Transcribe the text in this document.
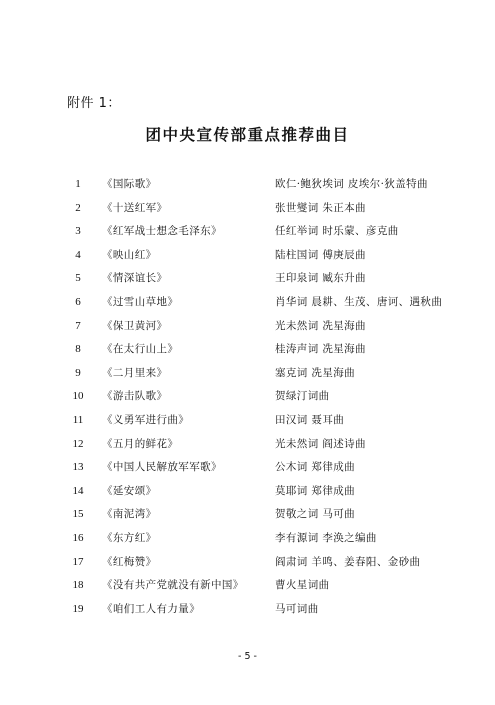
附件 1：
团中央宣传部重点推荐曲目
1	《国际歌》	欧仁·鲍狄埃词 皮埃尔·狄盖特曲
2	《十送红军》	张世燮词 朱正本曲
3	《红军战士想念毛泽东》	任红举词 时乐蒙、彦克曲
4	《映山红》	陆柱国词 傅庚辰曲
5	《情深谊长》	王印泉词 臧东升曲
6	《过雪山草地》	肖华词 晨耕、生茂、唐诃、遇秋曲
7	《保卫黄河》	光未然词 冼星海曲
8	《在太行山上》	桂涛声词 冼星海曲
9	《二月里来》	塞克词 冼星海曲
10	《游击队歌》	贺绿汀词曲
11	《义勇军进行曲》	田汉词 聂耳曲
12	《五月的鲜花》	光未然词 阎述诗曲
13	《中国人民解放军军歌》	公木词 郑律成曲
14	《延安颂》	莫耶词 郑律成曲
15	《南泥湾》	贺敬之词 马可曲
16	《东方红》	李有源词 李涣之编曲
17	《红梅赞》	阎肃词 羊鸣、姜春阳、金砂曲
18	《没有共产党就没有新中国》	曹火星词曲
19	《咱们工人有力量》	马可词曲
- 5 -
